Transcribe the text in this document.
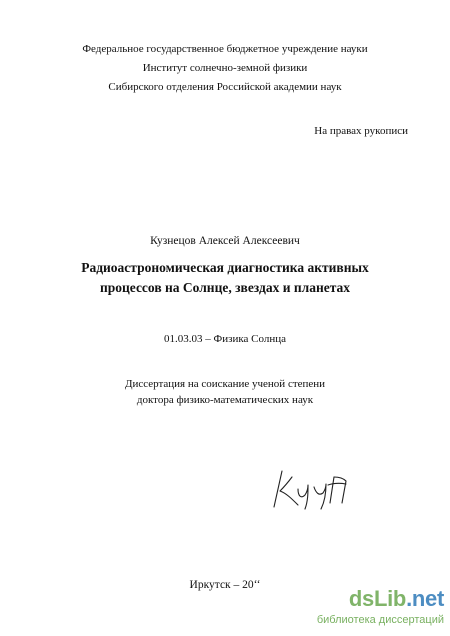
Федеральное государственное бюджетное учреждение науки
Институт солнечно-земной физики
Сибирского отделения Российской академии наук
На правах рукописи
Кузнецов Алексей Алексеевич
Радиоастрономическая диагностика активных
процессов на Солнце, звездах и планетах
01.03.03 – Физика Солнца
Диссертация на соискание ученой степени
доктора физико-математических наук
Иркутск – 20‘‘
dsLib.net
библиотека диссертаций
